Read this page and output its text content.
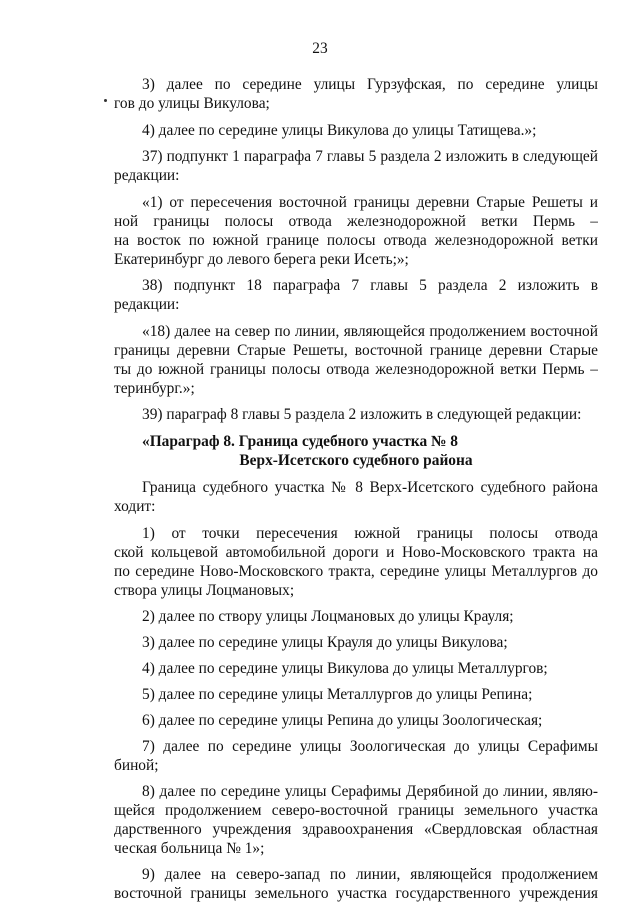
23
3) далее по середине улицы Гурзуфская, по середине улицы
гов до улицы Викулова;
4) далее по середине улицы Викулова до улицы Татищева.»;
37) подпункт 1 параграфа 7 главы 5 раздела 2 изложить в следующей
редакции:
«1) от пересечения восточной границы деревни Старые Решеты и
ной границы полосы отвода железнодорожной ветки Пермь –
на восток по южной границе полосы отвода железнодорожной ветки
Екатеринбург до левого берега реки Исеть;»;
38) подпункт 18 параграфа 7 главы 5 раздела 2 изложить в
редакции:
«18) далее на север по линии, являющейся продолжением восточной
границы деревни Старые Решеты, восточной границе деревни Старые
ты до южной границы полосы отвода железнодорожной ветки Пермь –
теринбург.»;
39) параграф 8 главы 5 раздела 2 изложить в следующей редакции:
«Параграф 8. Граница судебного участка № 8
Верх-Исетского судебного района
Граница судебного участка № 8 Верх-Исетского судебного района
ходит:
1) от точки пересечения южной границы полосы отвода
ской кольцевой автомобильной дороги и Ново-Московского тракта на
по середине Ново-Московского тракта, середине улицы Металлургов до
створа улицы Лоцмановых;
2) далее по створу улицы Лоцмановых до улицы Крауля;
3) далее по середине улицы Крауля до улицы Викулова;
4) далее по середине улицы Викулова до улицы Металлургов;
5) далее по середине улицы Металлургов до улицы Репина;
6) далее по середине улицы Репина до улицы Зоологическая;
7) далее по середине улицы Зоологическая до улицы Серафимы
биной;
8) далее по середине улицы Серафимы Дерябиной до линии, являю-
щейся продолжением северо-восточной границы земельного участка
дарственного учреждения здравоохранения «Свердловская областная
ческая больница № 1»;
9) далее на северо-запад по линии, являющейся продолжением
восточной границы земельного участка государственного учреждения
